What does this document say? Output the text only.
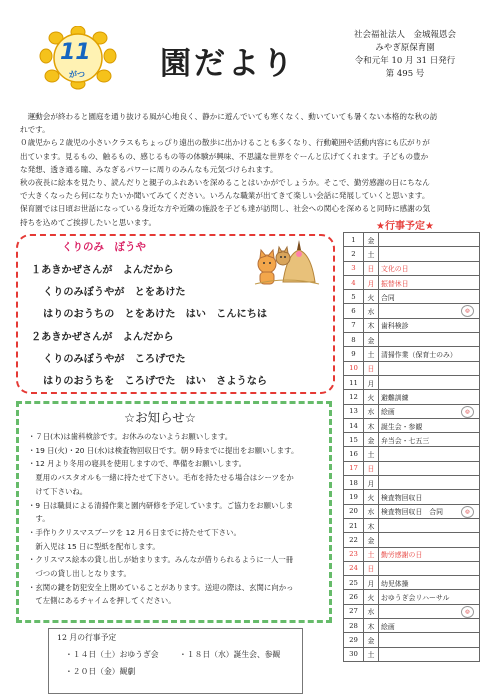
11
がつ 園だより
社会福祉法人　金城報恩会
みやぎ原保育園
令和元年 10 月 31 日発行
第 495 号

　運動会が終わると園庭を通り抜ける風が心地良く、静かに遊んでいても寒くなく、動いていても暑くない本格的な秋の訪

れです。

０歳児から２歳児の小さいクラスもちょっぴり遠出の散歩に出かけることも多くなり、行動範囲や活動内容にも広がりが

出ています。見るもの、触るもの、感じるもの等の体験が興味、不思議な世界をぐーんと広げてくれます。子どもの豊か

な発想、透き通る瞳、みなぎるパワーに周りのみんなも元気づけられます。

秋の夜長に絵本を見たり、読んだりと親子のふれあいを深めることはいかがでしょうか。そこで、勤労感謝の日にちなん

で大きくなったら何になりたいか聞いてみてください。いろんな職業が出てきて楽しい会話に発展していくと思います。

保育園では日頃お世話になっている身近な方や近隣の施設を子ども達が訪問し、社会への関心を深めると同時に感謝の気

持ちを込めてご挨拶したいと思います。

くりのみ　ぼうや
１あきかぜさんが　よんだから
くりのみぼうやが　とをあけた
はりのおうちの　とをあけた　はい　こんにちは
２あきかぜさんが　よんだから
くりのみぼうやが　ころげでた
はりのおうちを　ころげでた　はい　さようなら
☆お知らせ☆
・７日(木)は歯科検診です。お休みのないようお願いします。
・19 日(火)・20 日(水)は検査物回収日です。朝９時までに提出をお願いします。
・12 月より冬用の寝具を使用しますので、準備をお願いします。
　夏用のバスタオルも一緒に持たせて下さい。毛布を持たせる場合はシーツをか
　けて下さいね。
・9 日は職員による清掃作業と園内研修を予定しています。ご協力をお願いしま
　す。
・手作りクリスマスブーツを 12 月６日までに持たせて下さい。
　新入児は 15 日に型紙を配布します。
・クリスマス絵本の貸し出しが始まります。みんなが借りられるように一人一冊
　づつの貸し出しとなります。
・玄関の鍵を防犯安全上閉めていることがあります。送迎の際は、玄関に向かっ
　て左側にあるチャイムを押してください。
12 月の行事予定
・１４日（土）おゆうぎ会	・１８日（水）誕生会、参観
・２０日（金）観劇
★行事予定★
1	金	
2	土	
3	日	文化の日
4	月	振替休日
5	火	合同
6	水	◎

7	木	歯科検診
8	金	
9	土	清掃作業（保育士のみ）
10	日	
11	月	
12	火	避難訓練
13	水	絵画 ◎

14	木	誕生会・参観
15	金	弁当会・七五三
16	土	
17	日	
18	月	
19	火	検査物回収日
20	水	検査物回収日　合同 ◎

21	木	
22	金	
23	土	勤労感謝の日
24	日	
25	月	幼児体操
26	火	おゆうぎ会リハーサル
27	水	◎

28	木	絵画
29	金	
30	土	
